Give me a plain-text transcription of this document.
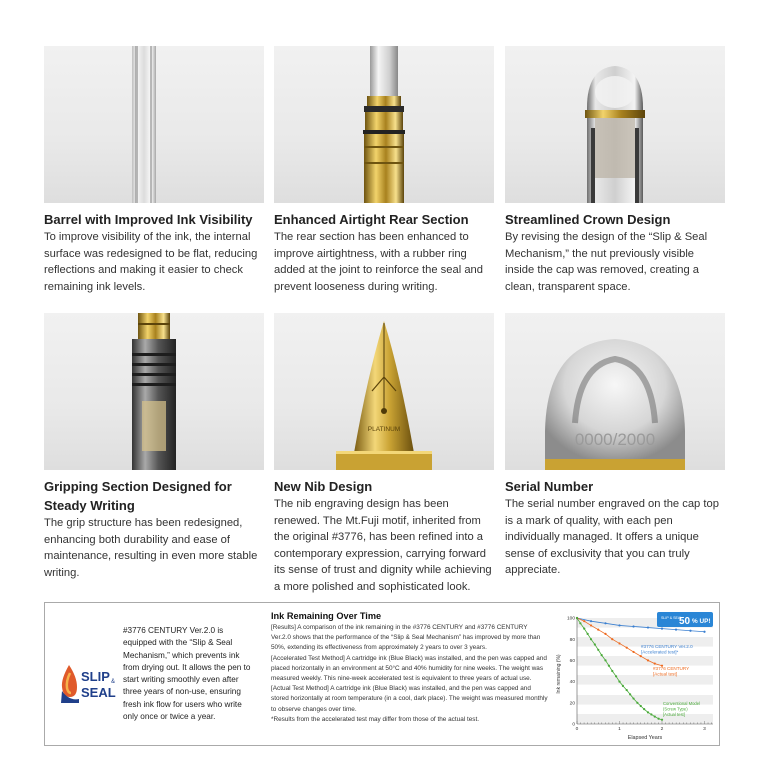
Barrel with Improved Ink Visibility

To improve visibility of the ink, the internal surface was redesigned to be flat, reducing reflections and making it easier to check remaining ink levels.

Enhanced Airtight Rear Section

The rear section has been enhanced to improve airtightness, with a rubber ring added at the joint to reinforce the seal and prevent looseness during writing.

Streamlined Crown Design

By revising the design of the “Slip & Seal Mechanism,” the nut previously visible inside the cap was removed, creating a clean, transparent space.

Gripping Section Designed for Steady Writing

The grip structure has been redesigned, enhancing both durability and ease of maintenance, resulting in even more stable writing.

PLATINUM
New Nib Design

The nib engraving design has been renewed. The Mt.Fuji motif, inherited from the original #3776, has been refined into a contemporary expression, carrying forward its sense of trust and dignity while achieving a more polished and sophisticated look.

0000/2000
Serial Number

The serial number engraved on the cap top is a mark of quality, with each pen individually managed. It offers a unique sense of exclusivity that you can truly appreciate.

SLIP &
SEAL

#3776 CENTURY Ver.2.0 is equipped with the “Slip & Seal Mechanism,” which prevents ink from drying out. It allows the pen to start writing smoothly even after three years of non-use, ensuring fresh ink flow for users who write only once or twice a year.

Ink Remaining Over Time

[Results] A comparison of the ink remaining in the #3776 CENTURY and #3776 CENTURY Ver.2.0 shows that the performance of the “Slip & Seal Mechanism” has improved by more than 50%, extending its effectiveness from approximately 2 years to over 3 years.

[Accelerated Test Method] A cartridge ink (Blue Black) was installed, and the pen was capped and placed horizontally in an environment at 50°C and 40% humidity for nine weeks. The weight was measured weekly. This nine-week accelerated test is equivalent to three years of actual use.

[Actual Test Method] A cartridge ink (Blue Black) was installed, and the pen was capped and stored horizontally at room temperature (in a cool, dark place). The weight was measured monthly to observe changes over time.

*Results from the accelerated test may differ from those of the actual test.

0
20
40
60
80
100
0	1	2	3
SLIP & SEAL
50 % UP!
#3776 CENTURY Ver.2.0
[Accelerated test]*
#3776 CENTURY
[Actual test]
Conventional Model
(Screw Type)
[Actual test]
Elapsed Years
Ink remaining (%)
